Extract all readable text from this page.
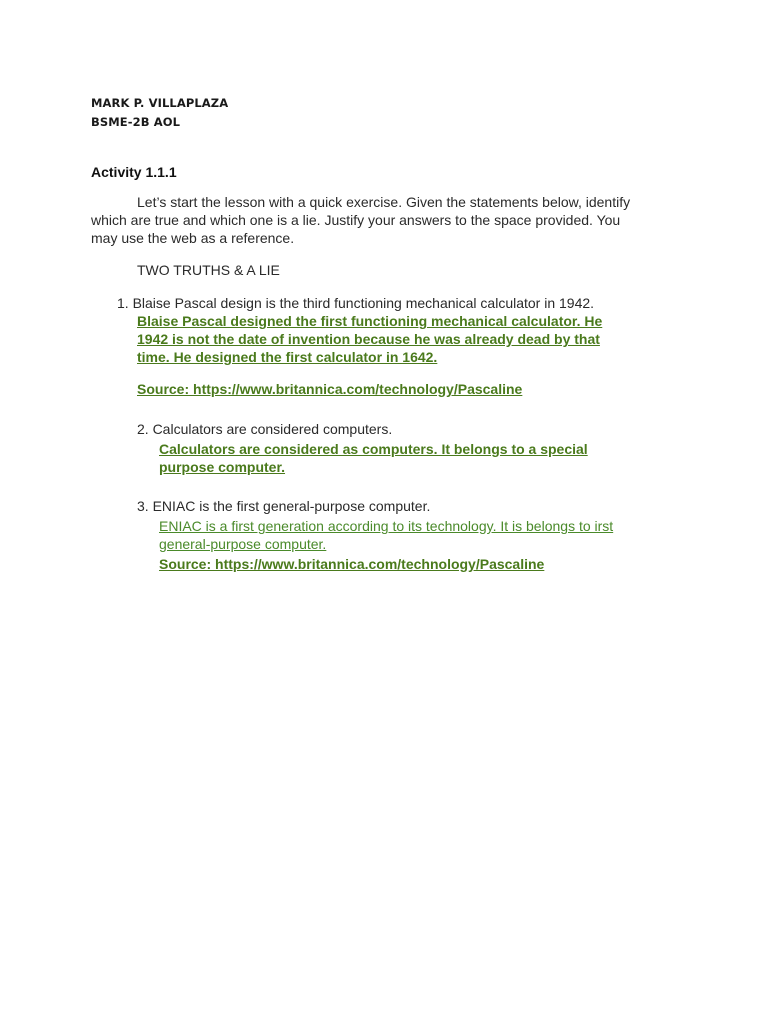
MARK P. VILLAPLAZA
BSME-2B AOL
Activity 1.1.1
Let’s start the lesson with a quick exercise. Given the statements below, identify
which are true and which one is a lie. Justify your answers to the space provided. You
may use the web as a reference.
TWO TRUTHS & A LIE
1. Blaise Pascal design is the third functioning mechanical calculator in 1942.
Blaise Pascal designed the first functioning mechanical calculator. He
1942 is not the date of invention because he was already dead by that
time. He designed the first calculator in 1642.
Source: https://www.britannica.com/technology/Pascaline
2. Calculators are considered computers.
Calculators are considered as computers. It belongs to a special
purpose computer.
3. ENIAC is the first general-purpose computer.
ENIAC is a first generation according to its technology. It is belongs to irst
general-purpose computer.
Source: https://www.britannica.com/technology/Pascaline
